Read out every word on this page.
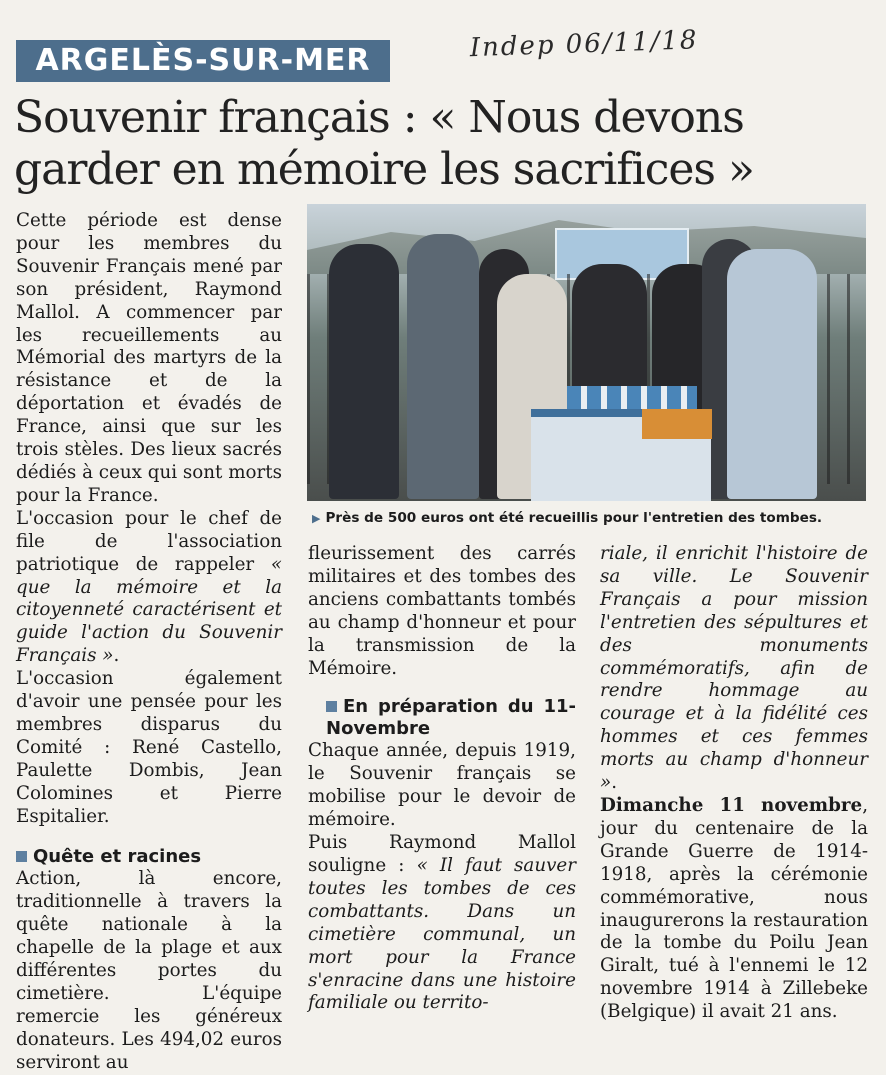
ARGELÈS-SUR-MER	Indep 06/11/18
Souvenir français : « Nous devons garder en mémoire les sacrifices »
▶ Près de 500 euros ont été recueillis pour l'entretien des tombes.

Cette période est dense pour les membres du Souvenir Français mené par son président, Raymond Mallol. A commencer par les recueillements au Mémorial des martyrs de la résistance et de la déportation et évadés de France, ainsi que sur les trois stèles. Des lieux sacrés dédiés à ceux qui sont morts pour la France.

L'occasion pour le chef de file de l'association patriotique de rappeler « que la mémoire et la citoyenneté caractérisent et guide l'action du Souvenir Français ».

L'occasion également d'avoir une pensée pour les membres disparus du Comité : René Castello, Paulette Dombis, Jean Colomines et Pierre Espitalier.

Quête et racines

Action, là encore, traditionnelle à travers la quête nationale à la chapelle de la plage et aux différentes portes du cimetière. L'équipe remercie les généreux donateurs. Les 494,02 euros serviront au

fleurissement des carrés militaires et des tombes des anciens combattants tombés au champ d'honneur et pour la transmission de la Mémoire.

En préparation du 11-Novembre

Chaque année, depuis 1919, le Souvenir français se mobilise pour le devoir de mémoire.

Puis Raymond Mallol souligne : « Il faut sauver toutes les tombes de ces combattants. Dans un cimetière communal, un mort pour la France s'enracine dans une histoire familiale ou territo-

riale, il enrichit l'histoire de sa ville. Le Souvenir Français a pour mission l'entretien des sépultures et des monuments commémoratifs, afin de rendre hommage au courage et à la fidélité ces hommes et ces femmes morts au champ d'honneur ».

Dimanche 11 novembre, jour du centenaire de la Grande Guerre de 1914-1918, après la cérémonie commémorative, nous inaugurerons la restauration de la tombe du Poilu Jean Giralt, tué à l'ennemi le 12 novembre 1914 à Zillebeke (Belgique) il avait 21 ans.
